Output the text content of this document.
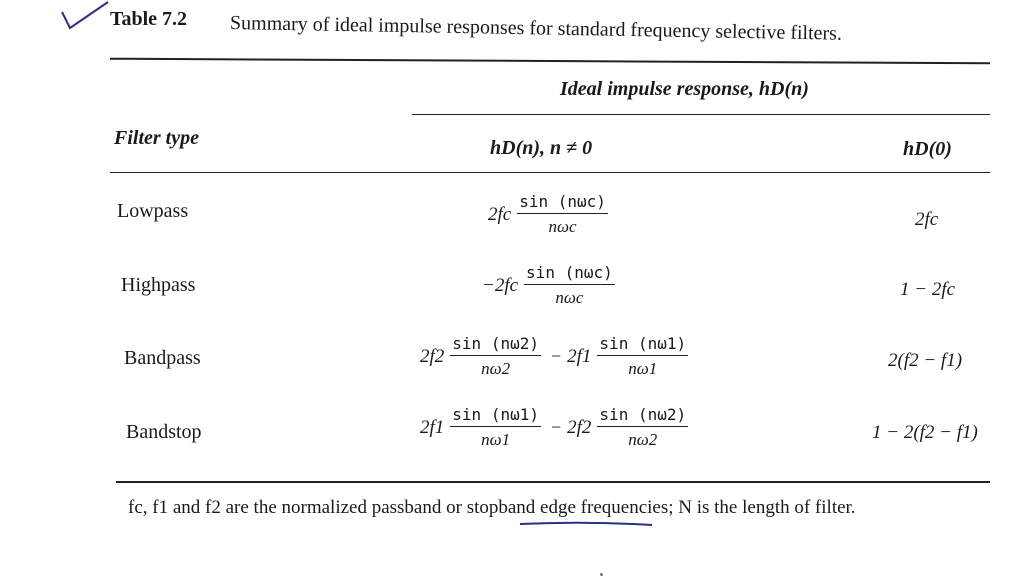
Table 7.2 Summary of ideal impulse responses for standard frequency selective filters.
Ideal impulse response, hD(n)
Filter type	hD(n), n ≠ 0	hD(0)
Lowpass	$2fc \frac{\text{sin (nωc)}}{\text{nωc}}$	2fc
Highpass	$-2fc \frac{\text{sin (nωc)}}{\text{nωc}}$	1 − 2fc
Bandpass	$2f2 \frac{\sin (n\omega 2)}{n\omega 2} - 2f1 \frac{\sin (n\omega 1)}{n\omega 1}$	2(f2 − f1)
Bandstop	$2f1 \frac{\sin (n\omega 1)}{n\omega 1} - 2f2 \frac{\sin (n\omega 2)}{n\omega 2}$	1 − 2(f2 − f1)
fc, f1 and f2 are the normalized passband or stopband edge frequencies; N is the length of filter.
